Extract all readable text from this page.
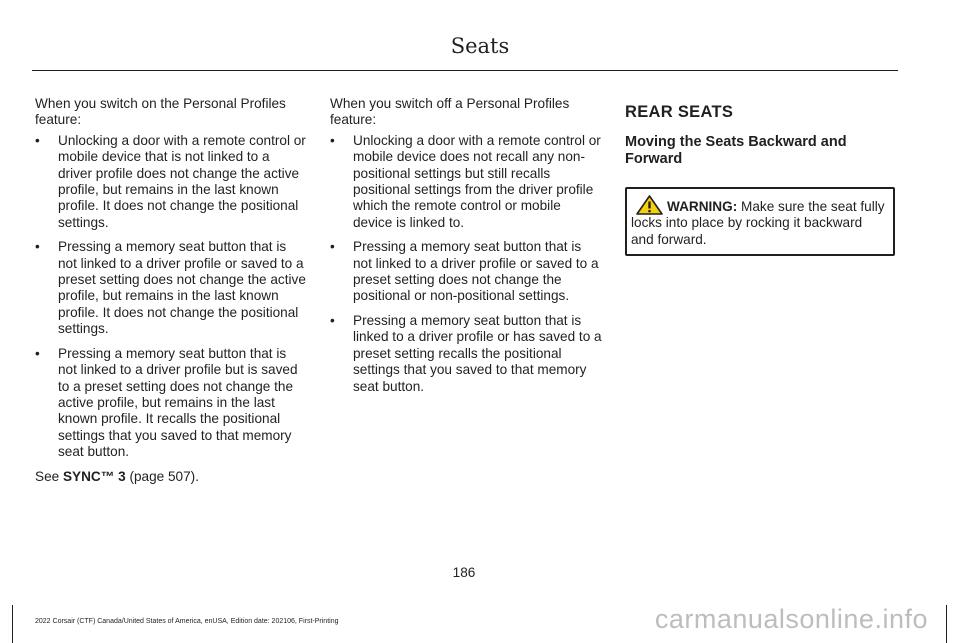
Seats

When you switch on the Personal Profiles feature:

• Unlocking a door with a remote control or mobile device that is not linked to a driver profile does not change the active profile, but remains in the last known profile. It does not change the positional settings.
• Pressing a memory seat button that is not linked to a driver profile or saved to a preset setting does not change the active profile, but remains in the last known profile. It does not change the positional settings.
• Pressing a memory seat button that is not linked to a driver profile but is saved to a preset setting does not change the active profile, but remains in the last known profile. It recalls the positional settings that you saved to that memory seat button.

See SYNC™ 3 (page 507).

When you switch off a Personal Profiles feature:

• Unlocking a door with a remote control or mobile device does not recall any non-positional settings but still recalls positional settings from the driver profile which the remote control or mobile device is linked to.
• Pressing a memory seat button that is not linked to a driver profile or saved to a preset setting does not change the positional or non-positional settings.
• Pressing a memory seat button that is linked to a driver profile or has saved to a preset setting recalls the positional settings that you saved to that memory seat button.
REAR SEATS
Moving the Seats Backward and Forward
WARNING: Make sure the seat fully locks into place by rocking it backward and forward.
186
2022 Corsair (CTF) Canada/United States of America, enUSA, Edition date: 202106, First-Printing	carmanualsonline.info
